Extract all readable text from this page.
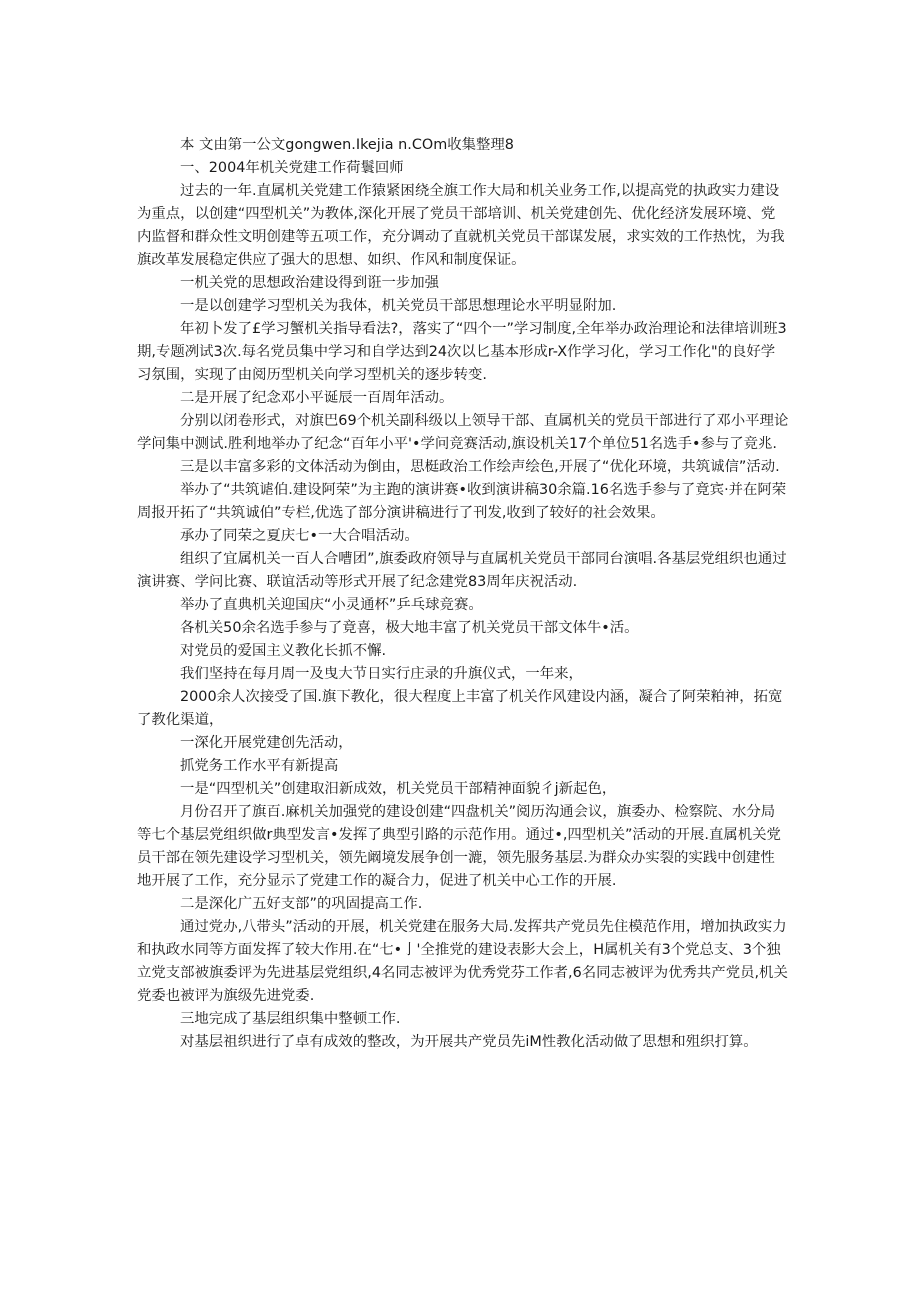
本 文由第一公文gongwen.Ikejia n.COm收集整理8

一、2004年机关党建工作荷鬟回师

过去的一年.直属机关党建工作猿紧困绕全旗工作大局和机关业务工作,以提高党的执政实力建设为重点，以创建“四型机关”为教体,深化开展了党员干部培训、机关党建创先、优化经济发展环境、党内监督和群众性文明创建等五项工作，充分调动了直就机关党员干部谋发展，求实效的工作热忱，为我旗改革发展稳定供应了强大的思想、如织、作风和制度保证。

一机关党的思想政治建设得到诳一步加强

一是以创建学习型机关为我体，机关党员干部思想理论水平明显附加.

年初卜发了£学习蟹机关指导看法?，落实了“四个一”学习制度,全年举办政治理论和法律培训班3期,专题冽试3次.每名党员集中学习和自学达到24次以匕基本形成r-X作学习化，学习工作化"的良好学习氛围，实现了由阅历型机关向学习型机关的逐步转变.

二是开展了纪念邓小平诞辰一百周年活动。

分别以闭卷形式，对旗巴69个机关副科级以上领导干部、直属机关的党员干部进行了邓小平理论学问集中测试.胜利地举办了纪念“百年小平'•学问竞赛活动,旗设机关17个单位51名选手•参与了竞兆.

三是以丰富多彩的文体活动为倒由，思梃政治工作绘声绘色,开展了“优化环境，共筑诚信”活动.

举办了“共筑谑伯.建设阿荣”为主跑的演讲赛•收到演讲稿30余篇.16名选手参与了竟宾·并在阿荣周报开拓了“共筑诚伯”专栏,优选了部分演讲稿进行了刊发,收到了较好的社会效果。

承办了同荣之夏庆七•一大合唱活动。

组织了宜属机关一百人合嘈团”,旗委政府领导与直属机关党员干部同台演唱.各基层党组织也通过演讲赛、学问比赛、联谊活动等形式开展了纪念建党83周年庆祝活动.

举办了直典机关迎国庆“小灵通杯”乒乓球竞赛。

各机关50余名选手参与了竟喜，极大地丰富了机关党员干部文体牛•活。

对党员的爱国主义教化长抓不懈.

我们坚持在每月周一及曳大节日实行庄录的升旗仪式，一年来，

2000余人次接受了国.旗下教化，很大程度上丰富了机关作风建设内涵，凝合了阿荣粕神，拓宽了教化渠道，

一深化开展党建创先活动，

抓党务工作水平有新提高

一是“四型机关”创建取汨新成效，机关党员干部精神面貌彳j新起色，

月份召开了旗百.麻机关加强党的建设创建“四盘机关”阅历沟通会议，旗委办、检察院、水分局等七个基层党组织做r典型发言•发挥了典型引路的示范作用。通过•,四型机关”活动的开展.直属机关党员干部在领先建设学习型机关，领先阚境发展争创一漉，领先服务基层.为群众办实裂的实践中创建性地开展了工作，充分显示了党建工作的凝合力，促进了机关中心工作的开展.

二是深化广五好支部”的巩固提高工作.

通过党办,八带头”活动的开展，机关党建在服务大局.发挥共产党员先住模范作用，增加执政实力和执政水同等方面发挥了较大作用.在“七•亅'全推党的建设表影大会上，H属机关有3个党总支、3个独立党支部被旗委评为先进基层党组织,4名同志被评为优秀党芬工作者,6名同志被评为优秀共产党员,机关党委也被评为旗级先进党委.

三地完成了基层组织集中整顿工作.

对基层祖织进行了卓有成效的整改，为开展共产党员先iM性教化活动做了思想和殂织打算。
